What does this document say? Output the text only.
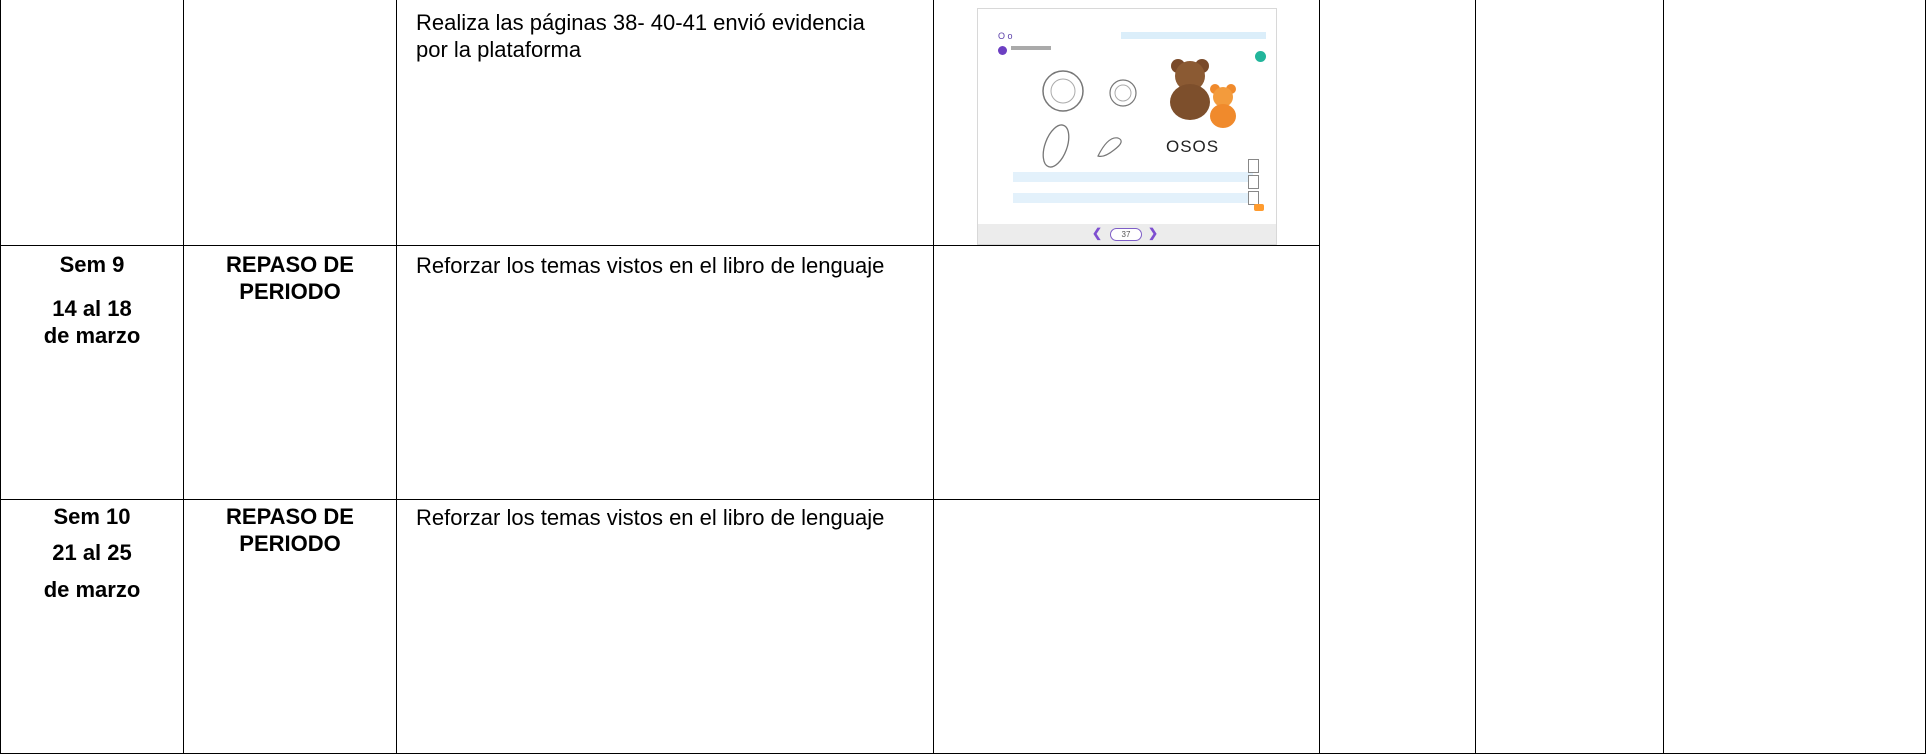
Realiza las páginas 38- 40-41 envió evidencia por la plataforma
O o
OSOS
❮	37	❯
Sem 9
14 al 18 de marzo
REPASO DE PERIODO
Reforzar los temas vistos en el libro de lenguaje
Sem 10
21 al 25 de marzo
REPASO DE PERIODO
Reforzar los temas vistos en el libro de lenguaje
